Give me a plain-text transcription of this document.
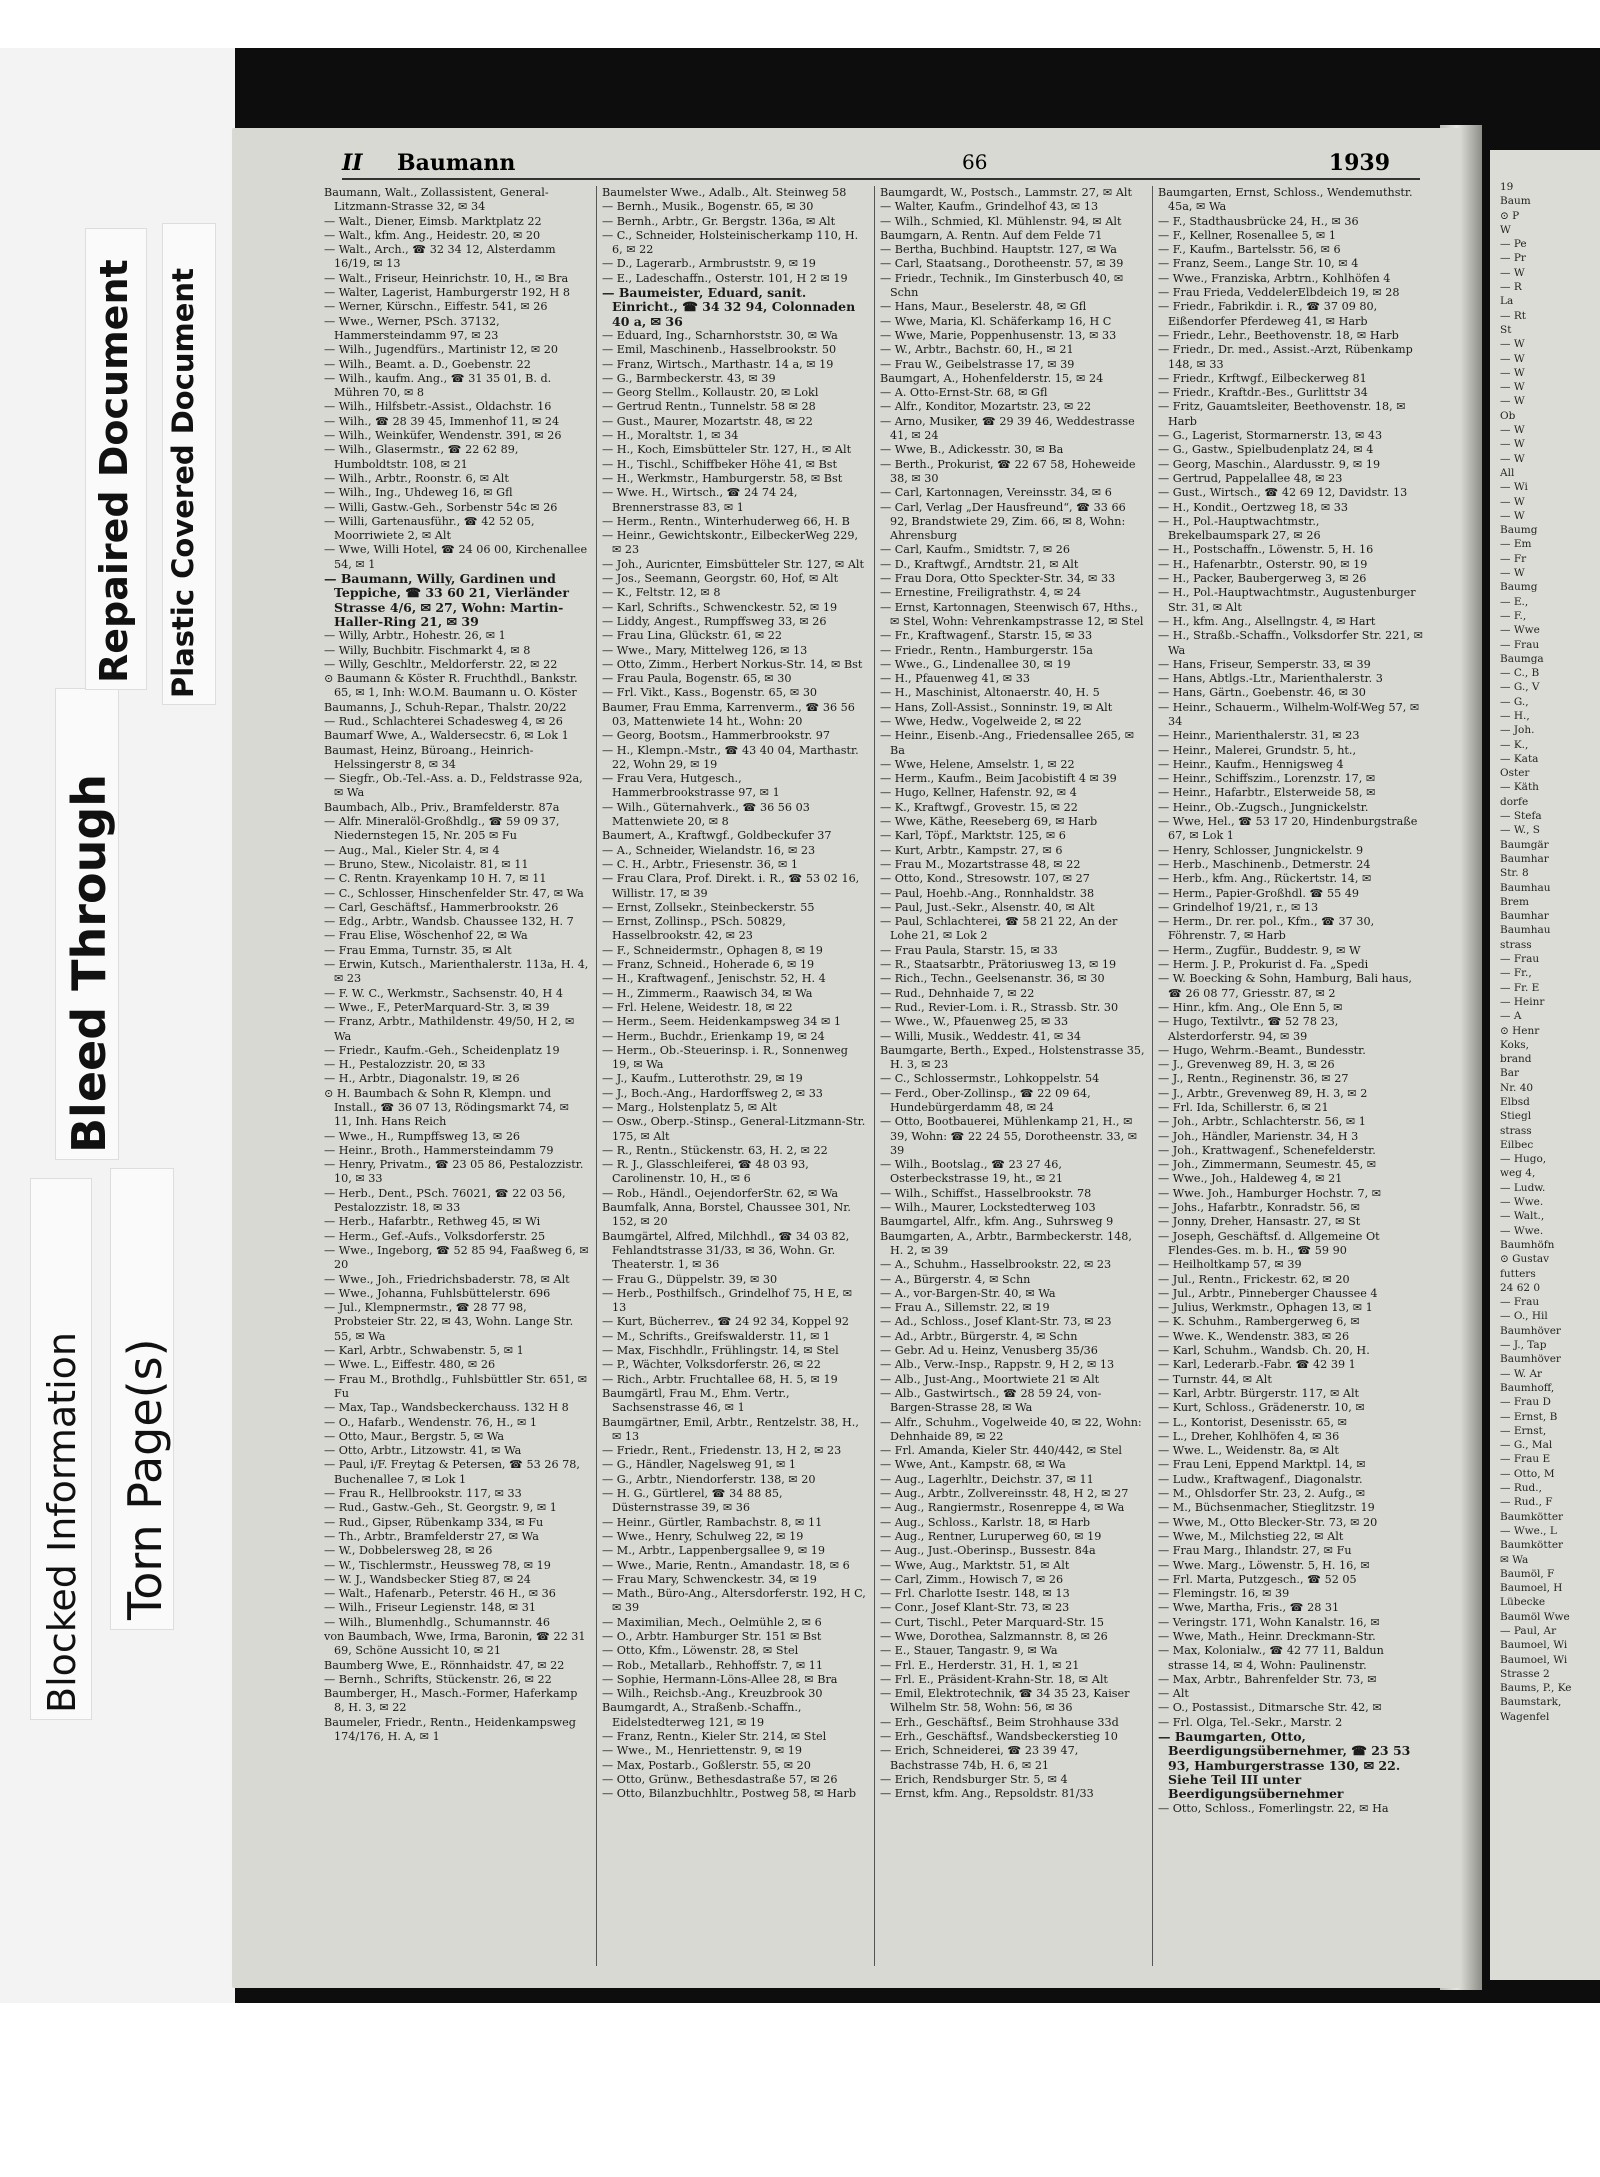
Blocked Information Torn Page(s)
Bleed Through
Repaired Document Plastic Covered Document
II Baumann	66	1939

Baumann, Walt., Zollassistent, General-Litzmann-Strasse 32, ✉ 34

— Walt., Diener, Eimsb. Marktplatz 22

— Walt., kfm. Ang., Heidestr. 20, ✉ 20

— Walt., Arch., ☎ 32 34 12, Alsterdamm 16/19, ✉ 13

— Walt., Friseur, Heinrichstr. 10, H., ✉ Bra

— Walter, Lagerist, Hamburgerstr 192, H 8

— Werner, Kürschn., Eiffestr. 541, ✉ 26

— Wwe., Werner, PSch. 37132, Hammersteindamm 97, ✉ 23

— Wilh., Jugendfürs., Martinistr 12, ✉ 20

— Wilh., Beamt. a. D., Goebenstr. 22

— Wilh., kaufm. Ang., ☎ 31 35 01, B. d. Mühren 70, ✉ 8

— Wilh., Hilfsbetr.-Assist., Oldachstr. 16

— Wilh., ☎ 28 39 45, Immenhof 11, ✉ 24

— Wilh., Weinküfer, Wendenstr. 391, ✉ 26

— Wilh., Glasermstr., ☎ 22 62 89, Humboldtstr. 108, ✉ 21

— Wilh., Arbtr., Roonstr. 6, ✉ Alt

— Wilh., Ing., Uhdeweg 16, ✉ Gfl

— Willi, Gastw.-Geh., Sorbenstr 54c ✉ 26

— Willi, Gartenausführ., ☎ 42 52 05, Moorriwiete 2, ✉ Alt

— Wwe, Willi Hotel, ☎ 24 06 00, Kirchenallee 54, ✉ 1

— Baumann, Willy, Gardinen und Teppiche, ☎ 33 60 21, Vierländer Strasse 4/6, ✉ 27, Wohn: Martin-Haller-Ring 21, ✉ 39

— Willy, Arbtr., Hohestr. 26, ✉ 1

— Willy, Buchbitr. Fischmarkt 4, ✉ 8

— Willy, Geschltr., Meldorferstr. 22, ✉ 22

⊙ Baumann & Köster R. Fruchthdl., Bankstr. 65, ✉ 1, Inh: W.O.M. Baumann u. O. Köster

Baumanns, J., Schuh-Repar., Thalstr. 20/22

— Rud., Schlachterei Schadesweg 4, ✉ 26

Baumarf Wwe, A., Waldersecstr. 6, ✉ Lok 1

Baumast, Heinz, Büroang., Heinrich-Helssingerstr 8, ✉ 34

— Siegfr., Ob.-Tel.-Ass. a. D., Feldstrasse 92a, ✉ Wa

Baumbach, Alb., Priv., Bramfelderstr. 87a

— Alfr. Mineralöl-Großhdlg., ☎ 59 09 37, Niedernstegen 15, Nr. 205 ✉ Fu

— Aug., Mal., Kieler Str. 4, ✉ 4

— Bruno, Stew., Nicolaistr. 81, ✉ 11

— C. Rentn. Krayenkamp 10 H. 7, ✉ 11

— C., Schlosser, Hinschenfelder Str. 47, ✉ Wa

— Carl, Geschäftsf., Hammerbrookstr. 26

— Edg., Arbtr., Wandsb. Chaussee 132, H. 7

— Frau Elise, Wöschenhof 22, ✉ Wa

— Frau Emma, Turnstr. 35, ✉ Alt

— Erwin, Kutsch., Marienthalerstr. 113a, H. 4, ✉ 23

— F. W. C., Werkmstr., Sachsenstr. 40, H 4

— Wwe., F., PeterMarquard-Str. 3, ✉ 39

— Franz, Arbtr., Mathildenstr. 49/50, H 2, ✉ Wa

— Friedr., Kaufm.-Geh., Scheidenplatz 19

— H., Pestalozzistr. 20, ✉ 33

— H., Arbtr., Diagonalstr. 19, ✉ 26

⊙ H. Baumbach & Sohn R, Klempn. und Install., ☎ 36 07 13, Rödingsmarkt 74, ✉ 11, Inh. Hans Reich

— Wwe., H., Rumpffsweg 13, ✉ 26

— Heinr., Broth., Hammersteindamm 79

— Henry, Privatm., ☎ 23 05 86, Pestalozzistr. 10, ✉ 33

— Herb., Dent., PSch. 76021, ☎ 22 03 56, Pestalozzistr. 18, ✉ 33

— Herb., Hafarbtr., Rethweg 45, ✉ Wi

— Herm., Gef.-Aufs., Volksdorferstr. 25

— Wwe., Ingeborg, ☎ 52 85 94, Faaßweg 6, ✉ 20

— Wwe., Joh., Friedrichsbaderstr. 78, ✉ Alt

— Wwe., Johanna, Fuhlsbüttelerstr. 696

— Jul., Klempnermstr., ☎ 28 77 98, Probsteier Str. 22, ✉ 43, Wohn. Lange Str. 55, ✉ Wa

— Karl, Arbtr., Schwabenstr. 5, ✉ 1

— Wwe. L., Eiffestr. 480, ✉ 26

— Frau M., Brothdlg., Fuhlsbüttler Str. 651, ✉ Fu

— Max, Tap., Wandsbeckerchauss. 132 H 8

— O., Hafarb., Wendenstr. 76, H., ✉ 1

— Otto, Maur., Bergstr. 5, ✉ Wa

— Otto, Arbtr., Litzowstr. 41, ✉ Wa

— Paul, i/F. Freytag & Petersen, ☎ 53 26 78, Buchenallee 7, ✉ Lok 1

— Frau R., Hellbrookstr. 117, ✉ 33

— Rud., Gastw.-Geh., St. Georgstr. 9, ✉ 1

— Rud., Gipser, Rübenkamp 334, ✉ Fu

— Th., Arbtr., Bramfelderstr 27, ✉ Wa

— W., Dobbelersweg 28, ✉ 26

— W., Tischlermstr., Heussweg 78, ✉ 19

— W. J., Wandsbecker Stieg 87, ✉ 24

— Walt., Hafenarb., Peterstr. 46 H., ✉ 36

— Wilh., Friseur Legienstr. 148, ✉ 31

— Wilh., Blumenhdlg., Schumannstr. 46

von Baumbach, Wwe, Irma, Baronin, ☎ 22 31 69, Schöne Aussicht 10, ✉ 21

Baumberg Wwe, E., Rönnhaidstr. 47, ✉ 22

— Bernh., Schrifts, Stückenstr. 26, ✉ 22

Baumberger, H., Masch.-Former, Haferkamp 8, H. 3, ✉ 22

Baumeler, Friedr., Rentn., Heidenkampsweg 174/176, H. A, ✉ 1

Baumelster Wwe., Adalb., Alt. Steinweg 58

— Bernh., Musik., Bogenstr. 65, ✉ 30

— Bernh., Arbtr., Gr. Bergstr. 136a, ✉ Alt

— C., Schneider, Holsteinischerkamp 110, H. 6, ✉ 22

— D., Lagerarb., Armbruststr. 9, ✉ 19

— E., Ladeschaffn., Osterstr. 101, H 2 ✉ 19

— Baumeister, Eduard, sanit. Einricht., ☎ 34 32 94, Colonnaden 40 a, ✉ 36

— Eduard, Ing., Scharnhorststr. 30, ✉ Wa

— Emil, Maschinenb., Hasselbrookstr. 50

— Franz, Wirtsch., Marthastr. 14 a, ✉ 19

— G., Barmbeckerstr. 43, ✉ 39

— Georg Stellm., Kollaustr. 20, ✉ Lokl

— Gertrud Rentn., Tunnelstr. 58 ✉ 28

— Gust., Maurer, Mozartstr. 48, ✉ 22

— H., Moraltstr. 1, ✉ 34

— H., Koch, Eimsbütteler Str. 127, H., ✉ Alt

— H., Tischl., Schiffbeker Höhe 41, ✉ Bst

— H., Werkmstr., Hamburgerstr. 58, ✉ Bst

— Wwe. H., Wirtsch., ☎ 24 74 24, Brennerstrasse 83, ✉ 1

— Herm., Rentn., Winterhuderweg 66, H. B

— Heinr., Gewichtskontr., EilbeckerWeg 229, ✉ 23

— Joh., Auricnter, Eimsbütteler Str. 127, ✉ Alt

— Jos., Seemann, Georgstr. 60, Hof, ✉ Alt

— K., Feltstr. 12, ✉ 8

— Karl, Schrifts., Schwenckestr. 52, ✉ 19

— Liddy, Angest., Rumpffsweg 33, ✉ 26

— Frau Lina, Glückstr. 61, ✉ 22

— Wwe., Mary, Mittelweg 126, ✉ 13

— Otto, Zimm., Herbert Norkus-Str. 14, ✉ Bst

— Frau Paula, Bogenstr. 65, ✉ 30

— Frl. Vikt., Kass., Bogenstr. 65, ✉ 30

Baumer, Frau Emma, Karrenverm., ☎ 36 56 03, Mattenwiete 14 ht., Wohn: 20

— Georg, Bootsm., Hammerbrookstr. 97

— H., Klempn.-Mstr., ☎ 43 40 04, Marthastr. 22, Wohn 29, ✉ 19

— Frau Vera, Hutgesch., Hammerbrookstrasse 97, ✉ 1

— Wilh., Güternahverk., ☎ 36 56 03 Mattenwiete 20, ✉ 8

Baumert, A., Kraftwgf., Goldbeckufer 37

— A., Schneider, Wielandstr. 16, ✉ 23

— C. H., Arbtr., Friesenstr. 36, ✉ 1

— Frau Clara, Prof. Direkt. i. R., ☎ 53 02 16, Willistr. 17, ✉ 39

— Ernst, Zollsekr., Steinbeckerstr. 55

— Ernst, Zollinsp., PSch. 50829, Hasselbrookstr. 42, ✉ 23

— F., Schneidermstr., Ophagen 8, ✉ 19

— Franz, Schneid., Hoherade 6, ✉ 19

— H., Kraftwagenf., Jenischstr. 52, H. 4

— H., Zimmerm., Raawisch 34, ✉ Wa

— Frl. Helene, Weidestr. 18, ✉ 22

— Herm., Seem. Heidenkampsweg 34 ✉ 1

— Herm., Buchdr., Erienkamp 19, ✉ 24

— Herm., Ob.-Steuerinsp. i. R., Sonnenweg 19, ✉ Wa

— J., Kaufm., Lutterothstr. 29, ✉ 19

— J., Boch.-Ang., Hardorffsweg 2, ✉ 33

— Marg., Holstenplatz 5, ✉ Alt

— Osw., Oberp.-Stinsp., General-Litzmann-Str. 175, ✉ Alt

— R., Rentn., Stückenstr. 63, H. 2, ✉ 22

— R. J., Glasschleiferei, ☎ 48 03 93, Carolinenstr. 10, H., ✉ 6

— Rob., Händl., OejendorferStr. 62, ✉ Wa

Baumfalk, Anna, Borstel, Chaussee 301, Nr. 152, ✉ 20

Baumgärtel, Alfred, Milchhdl., ☎ 34 03 82, Fehlandtstrasse 31/33, ✉ 36, Wohn. Gr. Theaterstr. 1, ✉ 36

— Frau G., Düppelstr. 39, ✉ 30

— Herb., Posthilfsch., Grindelhof 75, H E, ✉ 13

— Kurt, Bücherrev., ☎ 24 92 34, Koppel 92

— M., Schrifts., Greifswalderstr. 11, ✉ 1

— Max, Fischhdlr., Frühlingstr. 14, ✉ Stel

— P., Wächter, Volksdorferstr. 26, ✉ 22

— Rich., Arbtr. Fruchtallee 68, H. 5, ✉ 19

Baumgärtl, Frau M., Ehm. Vertr., Sachsenstrasse 46, ✉ 1

Baumgärtner, Emil, Arbtr., Rentzelstr. 38, H., ✉ 13

— Friedr., Rent., Friedenstr. 13, H 2, ✉ 23

— G., Händler, Nagelsweg 91, ✉ 1

— G., Arbtr., Niendorferstr. 138, ✉ 20

— H. G., Gürtlerel, ☎ 34 88 85, Düsternstrasse 39, ✉ 36

— Heinr., Gürtler, Rambachstr. 8, ✉ 11

— Wwe., Henry, Schulweg 22, ✉ 19

— M., Arbtr., Lappenbergsallee 9, ✉ 19

— Wwe., Marie, Rentn., Amandastr. 18, ✉ 6

— Frau Mary, Schwenckestr. 34, ✉ 19

— Math., Büro-Ang., Altersdorferstr. 192, H C, ✉ 39

— Maximilian, Mech., Oelmühle 2, ✉ 6

— O., Arbtr. Hamburger Str. 151 ✉ Bst

— Otto, Kfm., Löwenstr. 28, ✉ Stel

— Rob., Metallarb., Rehhoffstr. 7, ✉ 11

— Sophie, Hermann-Löns-Allee 28, ✉ Bra

— Wilh., Reichsb.-Ang., Kreuzbrook 30

Baumgardt, A., Straßenb.-Schaffn., Eidelstedterweg 121, ✉ 19

— Franz, Rentn., Kieler Str. 214, ✉ Stel

— Wwe., M., Henriettenstr. 9, ✉ 19

— Max, Postarb., Goßlerstr. 55, ✉ 20

— Otto, Grünw., Bethesdastraße 57, ✉ 26

— Otto, Bilanzbuchhltr., Postweg 58, ✉ Harb

Baumgardt, W., Postsch., Lammstr. 27, ✉ Alt

— Walter, Kaufm., Grindelhof 43, ✉ 13

— Wilh., Schmied, Kl. Mühlenstr. 94, ✉ Alt

Baumgarn, A. Rentn. Auf dem Felde 71

— Bertha, Buchbind. Hauptstr. 127, ✉ Wa

— Carl, Staatsang., Dorotheenstr. 57, ✉ 39

— Friedr., Technik., Im Ginsterbusch 40, ✉ Schn

— Hans, Maur., Beselerstr. 48, ✉ Gfl

— Wwe, Maria, Kl. Schäferkamp 16, H C

— Wwe, Marie, Poppenhusenstr. 13, ✉ 33

— W., Arbtr., Bachstr. 60, H., ✉ 21

— Frau W., Geibelstrasse 17, ✉ 39

Baumgart, A., Hohenfelderstr. 15, ✉ 24

— A. Otto-Ernst-Str. 68, ✉ Gfl

— Alfr., Konditor, Mozartstr. 23, ✉ 22

— Arno, Musiker, ☎ 29 39 46, Weddestrasse 41, ✉ 24

— Wwe, B., Adickesstr. 30, ✉ Ba

— Berth., Prokurist, ☎ 22 67 58, Hoheweide 38, ✉ 30

— Carl, Kartonnagen, Vereinsstr. 34, ✉ 6

— Carl, Verlag „Der Hausfreund“, ☎ 33 66 92, Brandstwiete 29, Zim. 66, ✉ 8, Wohn: Ahrensburg

— Carl, Kaufm., Smidtstr. 7, ✉ 26

— D., Kraftwgf., Arndtstr. 21, ✉ Alt

— Frau Dora, Otto Speckter-Str. 34, ✉ 33

— Ernestine, Freiligrathstr. 4, ✉ 24

— Ernst, Kartonnagen, Steenwisch 67, Hths., ✉ Stel, Wohn: Vehrenkampstrasse 12, ✉ Stel

— Fr., Kraftwagenf., Starstr. 15, ✉ 33

— Friedr., Rentn., Hamburgerstr. 15a

— Wwe., G., Lindenallee 30, ✉ 19

— H., Pfauenweg 41, ✉ 33

— H., Maschinist, Altonaerstr. 40, H. 5

— Hans, Zoll-Assist., Sonninstr. 19, ✉ Alt

— Wwe, Hedw., Vogelweide 2, ✉ 22

— Heinr., Eisenb.-Ang., Friedensallee 265, ✉ Ba

— Wwe, Helene, Amselstr. 1, ✉ 22

— Herm., Kaufm., Beim Jacobistift 4 ✉ 39

— Hugo, Kellner, Hafenstr. 92, ✉ 4

— K., Kraftwgf., Grovestr. 15, ✉ 22

— Wwe, Käthe, Reeseberg 69, ✉ Harb

— Karl, Töpf., Marktstr. 125, ✉ 6

— Kurt, Arbtr., Kampstr. 27, ✉ 6

— Frau M., Mozartstrasse 48, ✉ 22

— Otto, Kond., Stresowstr. 107, ✉ 27

— Paul, Hoehb.-Ang., Ronnhaldstr. 38

— Paul, Just.-Sekr., Alsenstr. 40, ✉ Alt

— Paul, Schlachterei, ☎ 58 21 22, An der Lohe 21, ✉ Lok 2

— Frau Paula, Starstr. 15, ✉ 33

— R., Staatsarbtr., Prätoriusweg 13, ✉ 19

— Rich., Techn., Geelsenanstr. 36, ✉ 30

— Rud., Dehnhaide 7, ✉ 22

— Rud., Revier-Lom. i. R., Strassb. Str. 30

— Wwe., W., Pfauenweg 25, ✉ 33

— Willi, Musik., Weddestr. 41, ✉ 34

Baumgarte, Berth., Exped., Holstenstrasse 35, H. 3, ✉ 23

— C., Schlossermstr., Lohkoppelstr. 54

— Ferd., Ober-Zollinsp., ☎ 22 09 64, Hundebürgerdamm 48, ✉ 24

— Otto, Bootbauerei, Mühlenkamp 21, H., ✉ 39, Wohn: ☎ 22 24 55, Dorotheenstr. 33, ✉ 39

— Wilh., Bootslag., ☎ 23 27 46, Osterbeckstrasse 19, ht., ✉ 21

— Wilh., Schiffst., Hasselbrookstr. 78

— Wilh., Maurer, Lockstedterweg 103

Baumgartel, Alfr., kfm. Ang., Suhrsweg 9

Baumgarten, A., Arbtr., Barmbeckerstr. 148, H. 2, ✉ 39

— A., Schuhm., Hasselbrookstr. 22, ✉ 23

— A., Bürgerstr. 4, ✉ Schn

— A., vor-Bargen-Str. 40, ✉ Wa

— Frau A., Sillemstr. 22, ✉ 19

— Ad., Schloss., Josef Klant-Str. 73, ✉ 23

— Ad., Arbtr., Bürgerstr. 4, ✉ Schn

— Gebr. Ad u. Heinz, Venusberg 35/36

— Alb., Verw.-Insp., Rappstr. 9, H 2, ✉ 13

— Alb., Just-Ang., Moortwiete 21 ✉ Alt

— Alb., Gastwirtsch., ☎ 28 59 24, von-Bargen-Strasse 28, ✉ Wa

— Alfr., Schuhm., Vogelweide 40, ✉ 22, Wohn: Dehnhaide 89, ✉ 22

— Frl. Amanda, Kieler Str. 440/442, ✉ Stel

— Wwe, Ant., Kampstr. 68, ✉ Wa

— Aug., Lagerhltr., Deichstr. 37, ✉ 11

— Aug., Arbtr., Zollvereinsstr. 48, H 2, ✉ 27

— Aug., Rangiermstr., Rosenreppe 4, ✉ Wa

— Aug., Schloss., Karlstr. 18, ✉ Harb

— Aug., Rentner, Luruperweg 60, ✉ 19

— Aug., Just.-Oberinsp., Bussestr. 84a

— Wwe, Aug., Marktstr. 51, ✉ Alt

— Carl, Zimm., Howisch 7, ✉ 26

— Frl. Charlotte Isestr. 148, ✉ 13

— Conr., Josef Klant-Str. 73, ✉ 23

— Curt, Tischl., Peter Marquard-Str. 15

— Wwe, Dorothea, Salzmannstr. 8, ✉ 26

— E., Stauer, Tangastr. 9, ✉ Wa

— Frl. E., Herderstr. 31, H. 1, ✉ 21

— Frl. E., Präsident-Krahn-Str. 18, ✉ Alt

— Emil, Elektrotechnik, ☎ 34 35 23, Kaiser Wilhelm Str. 58, Wohn: 56, ✉ 36

— Erh., Geschäftsf., Beim Strohhause 33d

— Erh., Geschäftsf., Wandsbeckerstieg 10

— Erich, Schneiderei, ☎ 23 39 47, Bachstrasse 74b, H. 6, ✉ 21

— Erich, Rendsburger Str. 5, ✉ 4

— Ernst, kfm. Ang., Repsoldstr. 81/33

Baumgarten, Ernst, Schloss., Wendemuthstr. 45a, ✉ Wa

— F., Stadthausbrücke 24, H., ✉ 36

— F., Kellner, Rosenallee 5, ✉ 1

— F., Kaufm., Bartelsstr. 56, ✉ 6

— Franz, Seem., Lange Str. 10, ✉ 4

— Wwe., Franziska, Arbtrn., Kohlhöfen 4

— Frau Frieda, VeddelerElbdeich 19, ✉ 28

— Friedr., Fabrikdir. i. R., ☎ 37 09 80, Eißendorfer Pferdeweg 41, ✉ Harb

— Friedr., Lehr., Beethovenstr. 18, ✉ Harb

— Friedr., Dr. med., Assist.-Arzt, Rübenkamp 148, ✉ 33

— Friedr., Krftwgf., Eilbeckerweg 81

— Friedr., Kraftdr.-Bes., Gurlittstr 34

— Fritz, Gauamtsleiter, Beethovenstr. 18, ✉ Harb

— G., Lagerist, Stormarnerstr. 13, ✉ 43

— G., Gastw., Spielbudenplatz 24, ✉ 4

— Georg, Maschin., Alardusstr. 9, ✉ 19

— Gertrud, Pappelallee 48, ✉ 23

— Gust., Wirtsch., ☎ 42 69 12, Davidstr. 13

— H., Kondit., Oertzweg 18, ✉ 33

— H., Pol.-Hauptwachtmstr., Brekelbaumspark 27, ✉ 26

— H., Postschaffn., Löwenstr. 5, H. 16

— H., Hafenarbtr., Osterstr. 90, ✉ 19

— H., Packer, Baubergerweg 3, ✉ 26

— H., Pol.-Hauptwachtmstr., Augustenburger Str. 31, ✉ Alt

— H., kfm. Ang., Alsellngstr. 4, ✉ Hart

— H., Straßb.-Schaffn., Volksdorfer Str. 221, ✉ Wa

— Hans, Friseur, Semperstr. 33, ✉ 39

— Hans, Abtlgs.-Ltr., Marienthalerstr. 3

— Hans, Gärtn., Goebenstr. 46, ✉ 30

— Heinr., Schauerm., Wilhelm-Wolf-Weg 57, ✉ 34

— Heinr., Marienthalerstr. 31, ✉ 23

— Heinr., Malerei, Grundstr. 5, ht.,

— Heinr., Kaufm., Hennigsweg 4

— Heinr., Schiffszim., Lorenzstr. 17, ✉

— Heinr., Hafarbtr., Elsterweide 58, ✉

— Heinr., Ob.-Zugsch., Jungnickelstr.

— Wwe, Hel., ☎ 53 17 20, Hindenburgstraße 67, ✉ Lok 1

— Henry, Schlosser, Jungnickelstr. 9

— Herb., Maschinenb., Detmerstr. 24

— Herb., kfm. Ang., Rückertstr. 14, ✉

— Herm., Papier-Großhdl. ☎ 55 49

— Grindelhof 19/21, r., ✉ 13

— Herm., Dr. rer. pol., Kfm., ☎ 37 30, Föhrenstr. 7, ✉ Harb

— Herm., Zugfür., Buddestr. 9, ✉ W

— Herm. J. P., Prokurist d. Fa. „Spedi

— W. Boecking & Sohn, Hamburg, Bali haus, ☎ 26 08 77, Griesstr. 87, ✉ 2

— Hinr., kfm. Ang., Ole Enn 5, ✉

— Hugo, Textilvtr., ☎ 52 78 23, Alsterdorferstr. 94, ✉ 39

— Hugo, Wehrm.-Beamt., Bundesstr.

— J., Grevenweg 89, H. 3, ✉ 26

— J., Rentn., Reginenstr. 36, ✉ 27

— J., Arbtr., Grevenweg 89, H. 3, ✉ 2

— Frl. Ida, Schillerstr. 6, ✉ 21

— Joh., Arbtr., Schlachterstr. 56, ✉ 1

— Joh., Händler, Marienstr. 34, H 3

— Joh., Krattwagenf., Schenefelderstr.

— Joh., Zimmermann, Seumestr. 45, ✉

— Wwe., Joh., Haldeweg 4, ✉ 21

— Wwe. Joh., Hamburger Hochstr. 7, ✉

— Johs., Hafarbtr., Konradstr. 56, ✉

— Jonny, Dreher, Hansastr. 27, ✉ St

— Joseph, Geschäftsf. d. Allgemeine Ot Flendes-Ges. m. b. H., ☎ 59 90

— Heilholtkamp 57, ✉ 39

— Jul., Rentn., Frickestr. 62, ✉ 20

— Jul., Arbtr., Pinneberger Chaussee 4

— Julius, Werkmstr., Ophagen 13, ✉ 1

— K. Schuhm., Rambergerweg 6, ✉

— Wwe. K., Wendenstr. 383, ✉ 26

— Karl, Schuhm., Wandsb. Ch. 20, H.

— Karl, Lederarb.-Fabr. ☎ 42 39 1

— Turnstr. 44, ✉ Alt

— Karl, Arbtr. Bürgerstr. 117, ✉ Alt

— Kurt, Schloss., Grädenerstr. 10, ✉

— L., Kontorist, Desenisstr. 65, ✉

— L., Dreher, Kohlhöfen 4, ✉ 36

— Wwe. L., Weidenstr. 8a, ✉ Alt

— Frau Leni, Eppend Marktpl. 14, ✉

— Ludw., Kraftwagenf., Diagonalstr.

— M., Ohlsdorfer Str. 23, 2. Aufg., ✉

— M., Büchsenmacher, Stieglitzstr. 19

— Wwe, M., Otto Blecker-Str. 73, ✉ 20

— Wwe, M., Milchstieg 22, ✉ Alt

— Frau Marg., Ihlandstr. 27, ✉ Fu

— Wwe. Marg., Löwenstr. 5, H. 16, ✉

— Frl. Marta, Putzgesch., ☎ 52 05

— Flemingstr. 16, ✉ 39

— Wwe, Martha, Fris., ☎ 28 31

— Veringstr. 171, Wohn Kanalstr. 16, ✉

— Wwe, Math., Heinr. Dreckmann-Str.

— Max, Kolonialw., ☎ 42 77 11, Baldun strasse 14, ✉ 4, Wohn: Paulinenstr.

— Max, Arbtr., Bahrenfelder Str. 73, ✉

— Alt

— O., Postassist., Ditmarsche Str. 42, ✉

— Frl. Olga, Tel.-Sekr., Marstr. 2

— Baumgarten, Otto, Beerdigungsübernehmer, ☎ 23 53 93, Hamburgerstrasse 130, ✉ 22. Siehe Teil III unter Beerdigungsübernehmer

— Otto, Schloss., Fomerlingstr. 22, ✉ Ha

19
Baum
⊙ P
W
— Pe
— Pr
— W
— R
La
— Rt
St
— W
— W
— W
— W
— W
Ob
— W
— W
— W
All
— Wi
— W
— W
Baumg
— Em
— Fr
— W
Baumg
— E.,
— F.,
— Wwe
— Frau
Baumga
— C., B
— G., V
— G.,
— H.,
— Joh.
— K.,
— Kata
Oster
— Käth
dorfe
— Stefa
— W., S
Baumgär
Baumhar
Str. 8
Baumhau
Brem
Baumhar
Baumhau
strass
— Frau
— Fr.,
— Fr. E
— Heinr
— A
⊙ Henr
Koks,
brand
Bar
Nr. 40
Elbsd
Stiegl
strass
Eilbec
— Hugo,
weg 4,
— Ludw.
— Wwe.
— Walt.,
— Wwe.
Baumhöfn
⊙ Gustav
futters
24 62 0
— Frau
— O., Hil
Baumhöver
— J., Tap
Baumhöver
— W. Ar
Baumhoff,
— Frau D
— Ernst, B
— Ernst,
— G., Mal
— Frau E
— Otto, M
— Rud.,
— Rud., F
Baumkötter
— Wwe., L
Baumkötter
✉ Wa
Baumöl, F
Baumoel, H
Lübecke
Baumöl Wwe
— Paul, Ar
Baumoel, Wi
Baumoel, Wi
Strasse 2
Baums, P., Ke
Baumstark,
Wagenfel
